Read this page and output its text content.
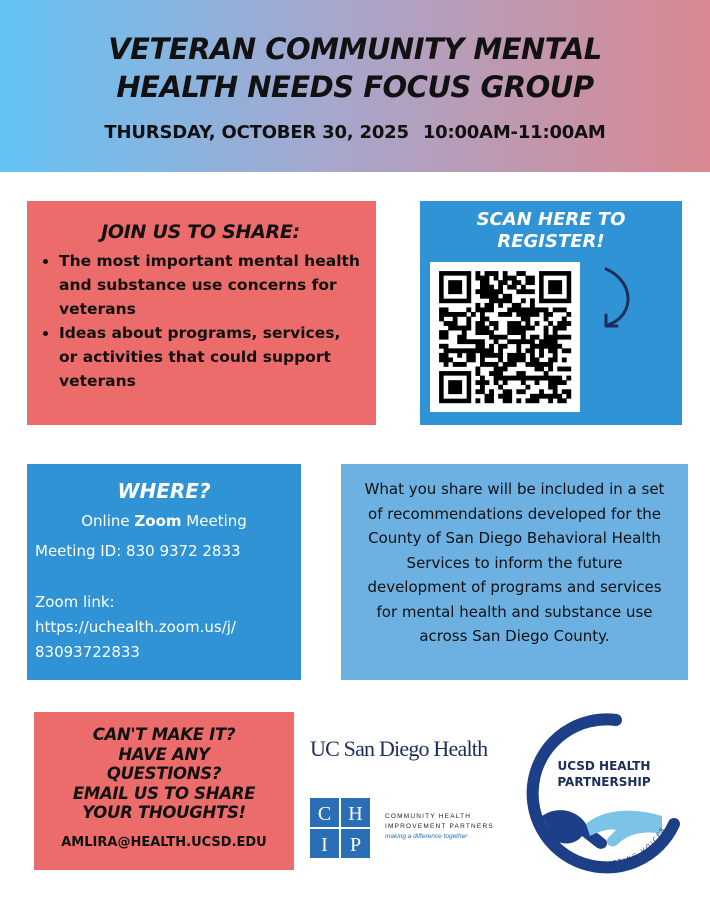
VETERAN COMMUNITY MENTAL
HEALTH NEEDS FOCUS GROUP
THURSDAY, OCTOBER 30, 2025 10:00AM-11:00AM
JOIN US TO SHARE:
• The most important mental health and substance use concerns for veterans
• Ideas about programs, services, or activities that could support veterans
SCAN HERE TO
REGISTER!
WHERE?
Online Zoom Meeting
Meeting ID: 830 9372 2833
Zoom link:
https://uchealth.zoom.us/j/
83093722833

What you share will be included in a set of recommendations developed for the County of San Diego Behavioral Health Services to inform the future development of programs and services for mental health and substance use across San Diego County.

CAN'T MAKE IT?
HAVE ANY
QUESTIONS?
EMAIL US TO SHARE
YOUR THOUGHTS!
AMLIRA@HEALTH.UCSD.EDU
UC San Diego Health
C H
I P
COMMUNITY HEALTH
IMPROVEMENT PARTNERS
making a difference together
UCSD HEALTH
PARTNERSHIP
UPLIFTING VOICES
